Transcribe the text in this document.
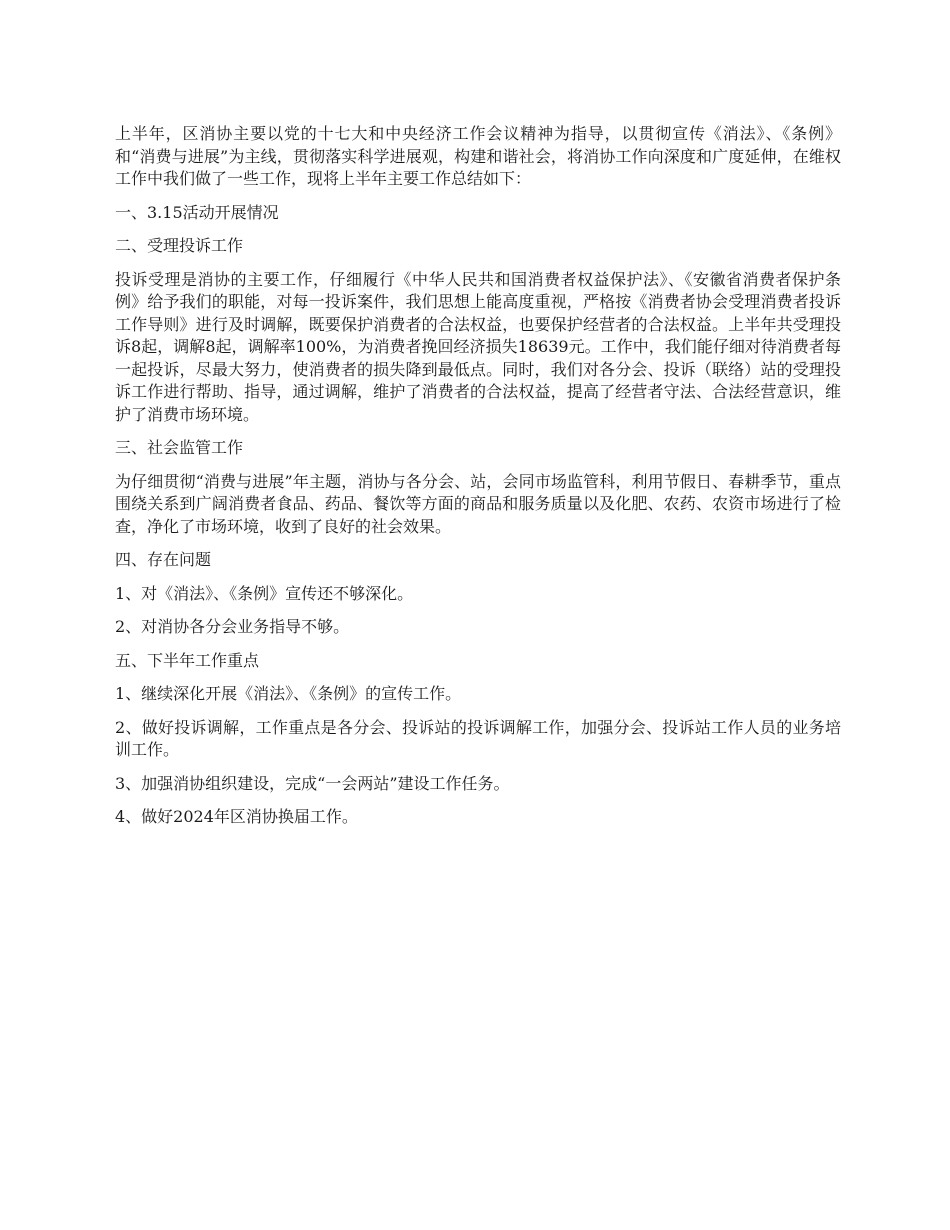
上半年，区消协主要以党的十七大和中央经济工作会议精神为指导，以贯彻宣传《消法》、《条例》和“消费与进展”为主线，贯彻落实科学进展观，构建和谐社会，将消协工作向深度和广度延伸，在维权工作中我们做了一些工作，现将上半年主要工作总结如下：

一、3.15活动开展情况

二、受理投诉工作

投诉受理是消协的主要工作，仔细履行《中华人民共和国消费者权益保护法》、《安徽省消费者保护条例》给予我们的职能，对每一投诉案件，我们思想上能高度重视，严格按《消费者协会受理消费者投诉工作导则》进行及时调解，既要保护消费者的合法权益，也要保护经营者的合法权益。上半年共受理投诉8起，调解8起，调解率100%，为消费者挽回经济损失18639元。工作中，我们能仔细对待消费者每一起投诉，尽最大努力，使消费者的损失降到最低点。同时，我们对各分会、投诉（联络）站的受理投诉工作进行帮助、指导，通过调解，维护了消费者的合法权益，提高了经营者守法、合法经营意识，维护了消费市场环境。

三、社会监管工作

为仔细贯彻“消费与进展”年主题，消协与各分会、站，会同市场监管科，利用节假日、春耕季节，重点围绕关系到广阔消费者食品、药品、餐饮等方面的商品和服务质量以及化肥、农药、农资市场进行了检查，净化了市场环境，收到了良好的社会效果。

四、存在问题

1、对《消法》、《条例》宣传还不够深化。

2、对消协各分会业务指导不够。

五、下半年工作重点

1、继续深化开展《消法》、《条例》的宣传工作。

2、做好投诉调解，工作重点是各分会、投诉站的投诉调解工作，加强分会、投诉站工作人员的业务培训工作。

3、加强消协组织建设，完成“一会两站”建设工作任务。

4、做好2024年区消协换届工作。
